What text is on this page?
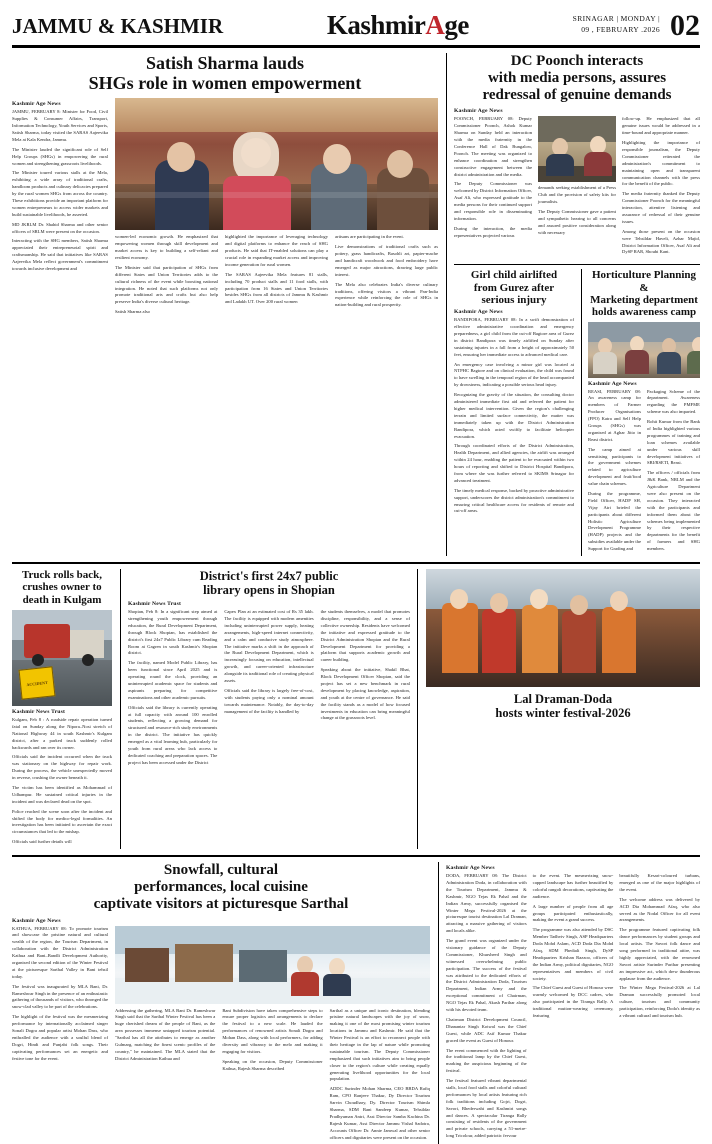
JAMMU & KASHMIR	KashmirAge	SRINAGAR | MONDAY |
09 , FEBRUARY .2026 02
Satish Sharma lauds
SHGs role in women empowerment
Kashmir Age News

JAMMU, FEBRUARY 8: Minister for Food, Civil Supplies & Consumer Affairs, Transport, Information Technology, Youth Services and Sports, Satish Sharma, today visited the SARAS Aajeevika Mela at Kala Kendra, Jammu.

The Minister lauded the significant role of Self Help Groups (SHGs) in empowering the rural women and strengthening grassroots livelihoods.

The Minister toured various stalls at the Mela, exhibiting a wide array of traditional crafts, handloom products and culinary delicacies prepared by the rural women SHGs from across the country. These exhibitions provide an important platform for women entrepreneurs to access wider markets and build sustainable livelihoods, he asserted.

MD JKRLM Dr. Shahid Sharma and other senior officers of SRLM were present on the occasion.

Interacting with the SHG members, Satish Sharma appreciated their entrepreneurial spirit and craftsmanship. He said that initiatives like SARAS Aajeevika Mela reflect government's commitment towards inclusive development and

women-led economic growth. He emphasized that empowering women through skill development and market access is key to building a self-reliant and resilient economy.

The Minister said that participation of SHGs from different States and Union Territories adds to the cultural richness of the event while boosting national integration. He noted that such platforms not only promote traditional arts and crafts but also help preserve India's diverse cultural heritage.

Satish Sharma also

highlighted the importance of leveraging technology and digital platforms to enhance the reach of SHG products. He said that IT-enabled solutions can play a crucial role in expanding market access and improving income generation for rural women.

The SARAS Aajeevika Mela features 81 stalls, including 70 product stalls and 11 food stalls, with participation from 16 States and Union Territories besides SHGs from all districts of Jammu & Kashmir and Ladakh UT. Over 200 rural women

artisans are participating in the event.

Live demonstrations of traditional crafts such as pottery, grass handicrafts, Basohli art, papier-mache and handicraft woodwork and food embroidery have emerged as major attractions, drawing large public interest.

The Mela also celebrates India's diverse culinary traditions, offering visitors a vibrant Pan-India experience while reinforcing the role of SHGs in nation-building and rural prosperity.

DC Poonch interacts
with media persons, assures
redressal of genuine demands
Kashmir Age News

POONCH, FEBRUARY 08: Deputy Commissioner Poonch, Ashok Kumar Sharma on Sunday held an interaction with the media fraternity in the Conference Hall of Dak Bungalow, Poonch. The meeting was organized to enhance coordination and strengthen constructive engagement between the district administration and the media.

The Deputy Commissioner was welcomed by District Information Officer, Asaf Ali, who expressed gratitude to the media persons for their continued support and responsible role in disseminating information.

During the interaction, the media representatives projected various

demands seeking establishment of a Press Club and the provision of safety kits for journalists.

The Deputy Commissioner gave a patient and sympathetic hearing to all concerns and assured positive consideration along with necessary

follow-up. He emphasized that all genuine issues would be addressed in a time-bound and appropriate manner.

Highlighting the importance of responsible journalism, the Deputy Commissioner reiterated the administration's commitment to maintaining open and transparent communication channels with the press for the benefit of the public.

The media fraternity thanked the Deputy Commissioner Poonch for the meaningful interaction, attentive listening and assurance of redressal of their genuine issues.

Among those present on the occasion were Tehsildar Haveli, Azhar Majid, District Information Officer, Asaf Ali and DySP RAR, Shoubi Kant.

Girl child airlifted
from Gurez after
serious injury
Kashmir Age News

BANDIPORA, FEBRUARY 08: In a swift demonstration of effective administrative coordination and emergency preparedness, a girl child from the cut-off Bagtore area of Gurez in district Bandipora was timely airlifted on Sunday after sustaining injuries in a fall from a height of approximately 50 feet, ensuring her immediate access to advanced medical care.

An emergency case involving a minor girl was located at NTPHC Bagtore and on clinical evaluation, the child was found to have swelling in the temporal region of the head accompanied by drowsiness, indicating a possible serious head injury.

Recognizing the gravity of the situation, the consulting doctor administered immediate first aid and referred the patient for higher medical intervention. Given the region's challenging terrain and limited surface connectivity, the matter was immediately taken up with the District Administration Bandipora, which acted swiftly to facilitate helicopter evacuation.

Through coordinated efforts of the District Administration, Health Department, and allied agencies, the airlift was arranged within 24 hour, enabling the patient to be evacuated within two hours of reporting and shifted to District Hospital Bandipora, from where she was further referred to SKIMS Srinagar for advanced treatment.

The timely medical response, backed by proactive administrative support, underscores the district administration's commitment to ensuring critical healthcare access for residents of remote and cut-off areas.

Horticulture Planning &
Marketing department
holds awareness camp
Kashmir Age News

REASI, FEBRUARY 08: An awareness camp for members of Farmer Producer Organisations (FPO) Katra and Self Help Groups (SHGs) was organised at Aghar Jitto in Reasi district.

The camp aimed at sensitising participants to the government schemes related to agriculture development and fruit/food value chain schemes.

During the programme, Field Officer, HADP SH, Vijay Atri briefed the participants about different Holistic Agriculture Development Programme (HADP) projects and the subsidies available under the Support for Grading and

Packaging Scheme of the department. Awareness regarding the PMFME scheme was also imparted.

Rohit Kumar from the Bank of India highlighted various programmes of training and loan schemes available under various skill development initiatives of SBI/RSETI, Reasi.

The officers / officials from J&K Bank, NRLM and the Agriculture Department were also present on the occasion. They interacted with the participants and informed them about the schemes being implemented by their respective departments for the benefit of farmers and SHG members.

Truck rolls back,
crushes owner to
death in Kulgam
ACCIDENT
Kashmir News Trust

Kulgam, Feb 8 : A roadside repair operation turned fatal on Sunday along the Nipora–Nosi stretch of National Highway 44 in south Kashmir's Kulgam district, after a parked truck suddenly rolled backwards and ran over its owner.

Officials said the incident occurred when the truck was stationary on the highway for repair work. During the process, the vehicle unexpectedly moved in reverse, crushing the owner beneath it.

The victim has been identified as Mohammad of Udhampur. He sustained critical injuries in the incident and was declared dead on the spot.

Police reached the scene soon after the incident and shifted the body for medico-legal formalities. An investigation has been initiated to ascertain the exact circumstances that led to the mishap.

Officials said further details will

District's first 24x7 public
library opens in Shopian
Kashmir News Trust

Shopian, Feb 8: In a significant step aimed at strengthening youth empowerment through education, the Rural Development Department, through Block Shopian, has established the district's first 24x7 Public Library cum Reading Room at Gagren in south Kashmir's Shopian district.

The facility, named Model Public Library, has been functional since April 2025 and is operating round the clock, providing an uninterrupted academic space for students and aspirants preparing for competitive examinations and other academic pursuits.

Officials said the library is currently operating at full capacity with around 100 enrolled students, reflecting a growing demand for structured and resource-rich study environments in the district. The initiative has quickly emerged as a vital learning hub, particularly for youth from rural areas who lack access to dedicated coaching and preparation spaces. The project has been accessed under the District

Capex Plan at an estimated cost of Rs 35 lakh. The facility is equipped with modern amenities including uninterrupted power supply, heating arrangements, high-speed internet connectivity, and a calm and conducive study atmosphere. The initiative marks a shift in the approach of the Rural Development Department, which is increasingly focusing on education, intellectual growth, and career-oriented infrastructure alongside its traditional role of creating physical assets.

Officials said the library is largely free-of-cost, with students paying only a nominal amount towards maintenance. Notably, the day-to-day management of the facility is handled by

the students themselves, a model that promotes discipline, responsibility, and a sense of collective ownership. Residents have welcomed the initiative and expressed gratitude to the District Administration Shopian and the Rural Development Department for providing a platform that supports academic growth and career building.

Speaking about the initiative, Shakil Bhat, Block Development Officer Shopian, said the project has set a new benchmark in rural development by placing knowledge, aspiration, and youth at the centre of governance. He said the facility stands as a model of how focused investments in education can bring meaningful change at the grassroots level.

Lal Draman-Doda
hosts winter festival-2026
Snowfall, cultural
performances, local cuisine
captivate visitors at picturesque Sarthal
Kashmir Age News

KATHUA, FEBRUARY 08: To promote tourism and showcase the pristine natural and cultural wealth of the region, the Tourism Department, in collaboration with the District Administration Kathua and Bani–Bandli Development Authority, organised the second edition of the Winter Festival at the picturesque Sarthal Valley in Bani tehsil today.

The festival was inaugurated by MLA Bani, Dr. Rameshwar Singh in the presence of an enthusiastic gathering of thousands of visitors, who thronged the snow-clad valley to be part of the celebrations.

The highlight of the festival was the mesmerizing performance by internationally acclaimed singer Sonali Dogra and popular artist Mohan Dass, who enthralled the audience with a soulful blend of Dogri, Hindi and Punjabi folk songs. Their captivating performances set an energetic and festive tone for the event.

Addressing the gathering, MLA Bani Dr. Rameshwar Singh said that the Sarthal Winter Festival has been a huge cherished dream of the people of Bani, as the area possesses immense untapped tourism potential. "Sarthal has all the attributes to emerge as another Gulmarg, matching the finest scenic profiles of the country," he maintained. The MLA stated that the District Administration Kathua and

Bani Subdivision have taken comprehensive steps to ensure proper logistics and arrangements to declare the festival to a new scale. He lauded the performances of renowned artists Sonali Dogra and Mohan Dass, along with local performers, for adding diversity and vibrancy to the melo and making it engaging for visitors.

Speaking on the occasion, Deputy Commissioner Kathua, Rajesh Sharma described

Sarthal as a unique and iconic destination, blending pristine natural landscapes with the joy of snow, making it one of the most promising winter tourism locations in Jammu and Kashmir. He said that the Winter Festival is an effort to reconnect people with their heritage in the lap of nature while promoting sustainable tourism. The Deputy Commissioner emphasized that such initiatives aim to bring people closer to the region's culture while creating equally generating livelihood opportunities for the local population.

ADDC Surinder Mohan Sharma, CEO BBDA Rafiq Ram, CPO Ranjeev Thakur, Dy Director Tourism Sarvin Choudhary, Dy. Director Tourism Shimla Sharma, SDM Bani Sandeep Kumar, Tehsildar Pradhyuman Antri, Asst Director Samba Kachina Dr. Rajesh Kumar, Asst Director Jammu Vishal Sadotra, Accounts Officer Dr. Annie Jamwal and other senior officers and dignitaries were present on the occasion.

Kashmir Age News

DODA, FEBRUARY 08: The District Administration Doda, in collaboration with the Tourism Department, Jammu & Kashmir, NGO Tejas Ek Pahal and the Indian Army, successfully organised the Winter Mega Festival-2026 at the picturesque tourist destination Lal Draman, attracting a massive gathering of visitors and locals alike.

The grand event was organized under the visionary guidance of the Deputy Commissioner, Khursheed Singh and witnessed overwhelming public participation. The success of the festival was attributed to the dedicated efforts of the District Administration Doda, Tourism Department, Indian Army and the exceptional commitment of Chairman, NGO Tejas Ek Pahal, Akash Parihar along with his devoted team.

Chairman District Development Council, Dhanantar Singh Kotwal was the Chief Guest, while ADC Asif Kumar Thakur graced the event as Guest of Honour.

The event commenced with the lighting of the traditional lamp by the Chief Guest, marking the auspicious beginning of the festival.

The festival featured vibrant departmental stalls, local food stalls and colorful cultural performances by local artists featuring rich folk traditions including Gojri, Dogri, Savori, Bhederwahi and Kashmiri songs and dances. A spectacular Tiranga Rally consisting of residents of the government and private schools, carrying a 51-metre-long Tricolour, added patriotic fervour

to the event. The mesmerizing snow-capped landscape has further beautified by colorful rangoli decorations, captivating the audience.

A large number of people from all age groups participated enthusiastically, making the event a grand success.

The programme was also attended by DSC Member Tadhviv Singh, ASP Headquarters Doda Mohd Aslam, ACD Doda Dia Mohd Afaq, SDM Phediali Singh, DySP Headquarters Krishan Razzoo, officers of the Indian Army, political dignitaries, NGO representatives and members of civil society.

The Chief Guest and Guest of Honour were warmly welcomed by DCC cadres, who also participated in the Tiranga Rally. A traditional mutton-wearing ceremony, featuring

beautifully Kesari-coloured turbans, emerged as one of the major highlights of the event.

The welcome address was delivered by ACD Dia Mohammad Afaq, who also served as the Nodal Officer for all event arrangements.

The programme featured captivating folk dance performances by student groups and local artists. The Savori folk dance and song performed in traditional attire, was highly appreciated, with the renowned Savori artiste Surinder Parihar presenting an impressive act, which drew thunderous applause from the audience.

The Winter Mega Festival-2026 at Lal Draman successfully promoted local culture, tourism and community participation, reinforcing Doda's identity as a vibrant cultural and tourism hub.
